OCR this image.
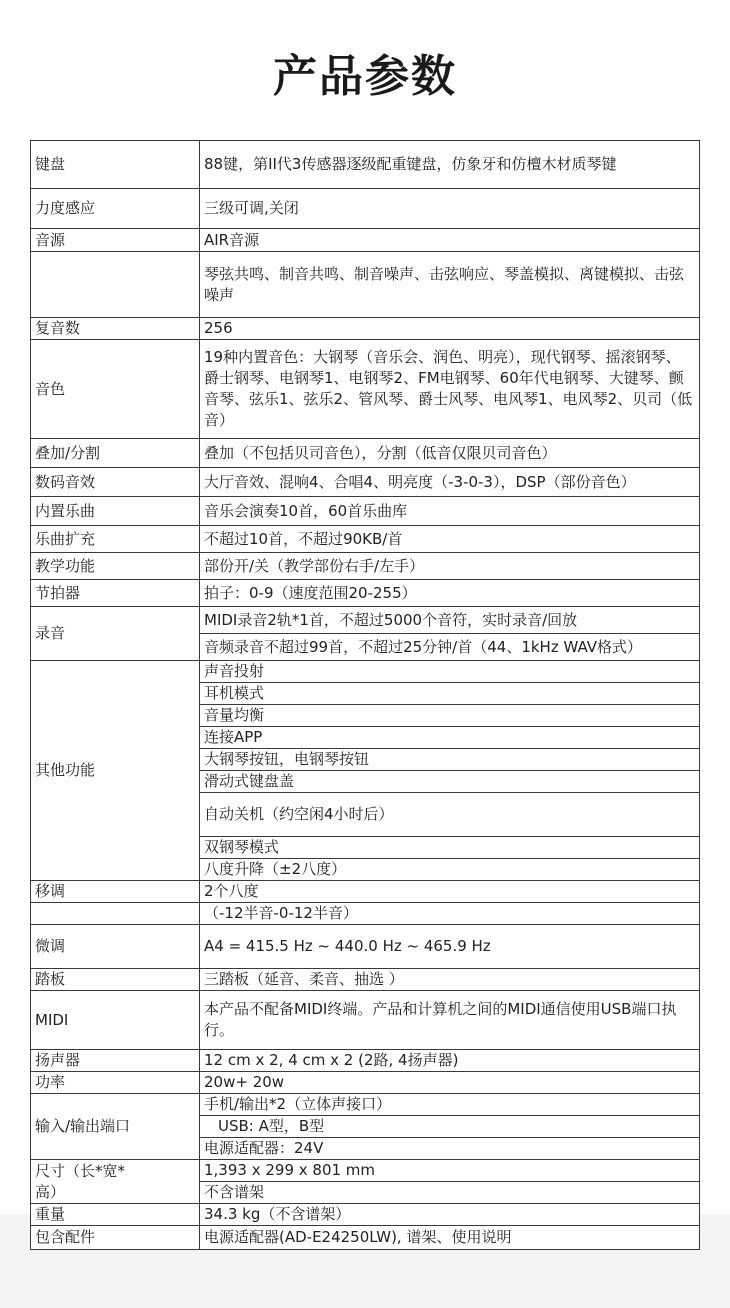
产品参数
键盘	88键，第II代3传感器逐级配重键盘，仿象牙和仿檀木材质琴键
力度感应	三级可调,关闭
音源	AIR音源
	琴弦共鸣、制音共鸣、制音噪声、击弦响应、琴盖模拟、离键模拟、击弦噪声
复音数	256
音色	19种内置音色：大钢琴（音乐会、润色、明亮），现代钢琴、摇滚钢琴、爵士钢琴、电钢琴1、电钢琴2、FM电钢琴、60年代电钢琴、大键琴、颤音琴、弦乐1、弦乐2、管风琴、爵士风琴、电风琴1、电风琴2、贝司（低音）
叠加/分割	叠加（不包括贝司音色），分割（低音仅限贝司音色）
数码音效	大厅音效、混响4、合唱4、明亮度（-3-0-3），DSP（部份音色）

内置乐曲	音乐会演奏10首，60首乐曲库
乐曲扩充	不超过10首，不超过90KB/首
教学功能	部份开/关（教学部份右手/左手）
节拍器	拍子：0-9（速度范围20-255）
录音	MIDI录音2轨*1首，不超过5000个音符，实时录音/回放
	音频录音不超过99首，不超过25分钟/首（44、1kHz WAV格式）
其他功能	声音投射
	耳机模式
	音量均衡
	连接APP
	大钢琴按钮，电钢琴按钮
	滑动式键盘盖
	自动关机（约空闲4小时后）
	双钢琴模式
	八度升降（±2八度）
移调	2个八度
	（-12半音-0-12半音）
微调	A4 = 415.5 Hz ~ 440.0 Hz ~ 465.9 Hz
踏板	三踏板（延音、柔音、抽选 ）
MIDI	本产品不配备MIDI终端。产品和计算机之间的MIDI通信使用USB端口执行。
扬声器	12 cm x 2, 4 cm x 2 (2路, 4扬声器)
功率	20w+ 20w
输入/输出端口	手机/输出*2（立体声接口）
	USB: A型，B型
	电源适配器：24V

尺寸（长*宽*高）	1,393 x 299 x 801 mm
	不含谱架
重量	34.3 kg（不含谱架）
包含配件	电源适配器(AD-E24250LW), 谱架、使用说明
